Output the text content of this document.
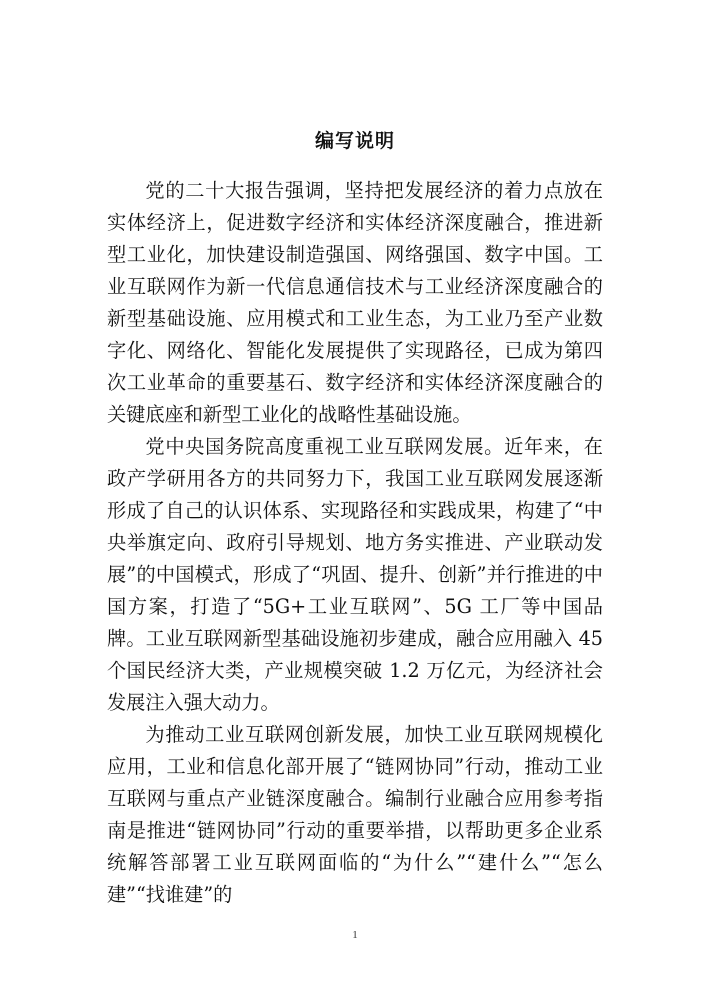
编写说明

党的二十大报告强调，坚持把发展经济的着力点放在实体经济上，促进数字经济和实体经济深度融合，推进新型工业化，加快建设制造强国、网络强国、数字中国。工业互联网作为新一代信息通信技术与工业经济深度融合的新型基础设施、应用模式和工业生态，为工业乃至产业数字化、网络化、智能化发展提供了实现路径，已成为第四次工业革命的重要基石、数字经济和实体经济深度融合的关键底座和新型工业化的战略性基础设施。

党中央国务院高度重视工业互联网发展。近年来，在政产学研用各方的共同努力下，我国工业互联网发展逐渐形成了自己的认识体系、实现路径和实践成果，构建了“中央举旗定向、政府引导规划、地方务实推进、产业联动发展”的中国模式，形成了“巩固、提升、创新”并行推进的中国方案，打造了“5G+工业互联网”、5G 工厂等中国品牌。工业互联网新型基础设施初步建成，融合应用融入 45 个国民经济大类，产业规模突破 1.2 万亿元，为经济社会发展注入强大动力。

为推动工业互联网创新发展，加快工业互联网规模化应用，工业和信息化部开展了“链网协同”行动，推动工业互联网与重点产业链深度融合。编制行业融合应用参考指南是推进“链网协同”行动的重要举措，以帮助更多企业系统解答部署工业互联网面临的“为什么”“建什么”“怎么建”“找谁建”的

1
